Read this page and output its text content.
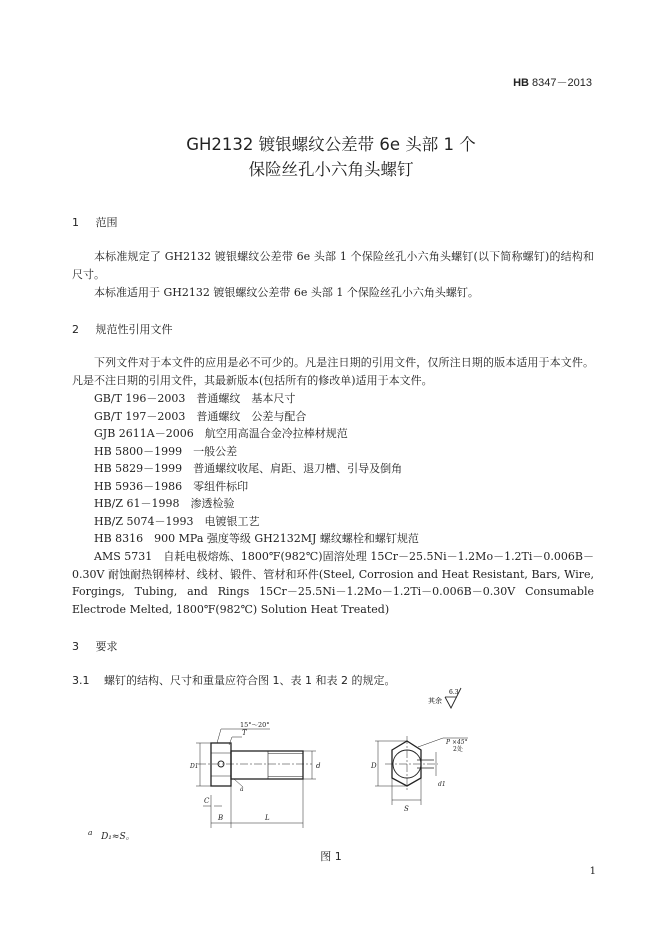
HB 8347－2013
GH2132 镀银螺纹公差带 6e 头部 1 个
保险丝孔小六角头螺钉
1 范围
本标准规定了 GH2132 镀银螺纹公差带 6e 头部 1 个保险丝孔小六角头螺钉(以下简称螺钉)的结构和尺寸。
本标准适用于 GH2132 镀银螺纹公差带 6e 头部 1 个保险丝孔小六角头螺钉。
2 规范性引用文件
下列文件对于本文件的应用是必不可少的。凡是注日期的引用文件，仅所注日期的版本适用于本文件。凡是不注日期的引用文件，其最新版本(包括所有的修改单)适用于本文件。
GB/T 196－2003　 普通螺纹　基本尺寸
GB/T 197－2003　 普通螺纹　公差与配合
GJB 2611A－2006　 航空用高温合金冷拉棒材规范
HB 5800－1999　 一般公差
HB 5829－1999　 普通螺纹收尾、肩距、退刀槽、引导及倒角
HB 5936－1986　 零组件标印
HB/Z 61－1998　 渗透检验
HB/Z 5074－1993　 电镀银工艺
HB 8316　 900 MPa 强度等级 GH2132MJ 螺纹螺栓和螺钉规范
AMS 5731　自耗电极熔炼、1800℉(982℃)固溶处理 15Cr－25.5Ni－1.2Mo－1.2Ti－0.006B－0.30V 耐蚀耐热钢棒材、线材、锻件、管材和环件(Steel, Corrosion and Heat Resistant, Bars, Wire, Forgings, Tubing, and Rings 15Cr－25.5Ni－1.2Mo－1.2Ti－0.006B－0.30V Consumable Electrode Melted, 1800℉(982℃) Solution Heat Treated)
3 要求
3.1 螺钉的结构、尺寸和重量应符合图 1、表 1 和表 2 的规定。
其余
6.3
15°～20°
T
D1	d
C
B	L
a
P ×45°
2处
D
d1
S
$^a$ D₁≈S。
图 1
1
